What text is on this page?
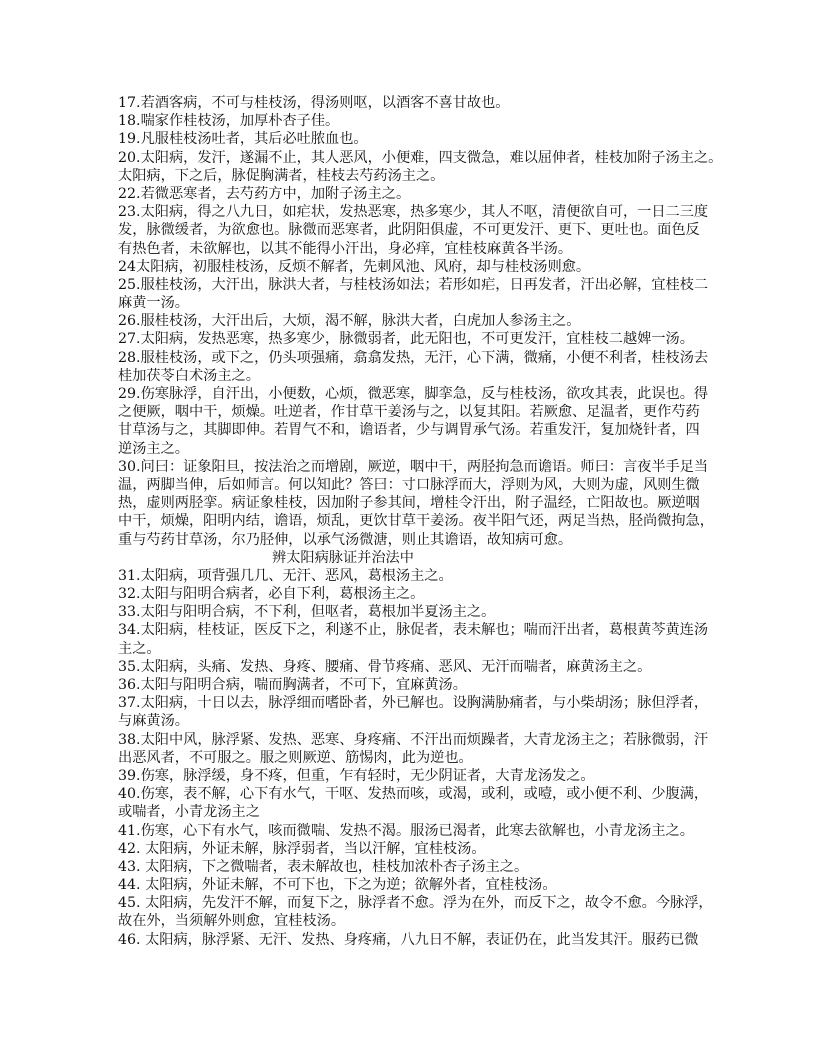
17.若酒客病，不可与桂枝汤，得汤则呕，以酒客不喜甘故也。
18.喘家作桂枝汤，加厚朴杏子佳。
19.凡服桂枝汤吐者，其后必吐脓血也。
20.太阳病，发汗，遂漏不止，其人恶风，小便难，四支微急，难以屈伸者，桂枝加附子汤主之。
太阳病，下之后，脉促胸满者，桂枝去芍药汤主之。
22.若微恶寒者，去芍药方中，加附子汤主之。
23.太阳病，得之八九日，如疟状，发热恶寒，热多寒少，其人不呕，清便欲自可，一日二三度
发，脉微缓者，为欲愈也。脉微而恶寒者，此阴阳俱虚，不可更发汗、更下、更吐也。面色反
有热色者，未欲解也，以其不能得小汗出，身必痒，宜桂枝麻黄各半汤。
24太阳病，初服桂枝汤，反烦不解者，先刺风池、风府，却与桂枝汤则愈。
25.服桂枝汤，大汗出，脉洪大者，与桂枝汤如法；若形如疟，日再发者，汗出必解，宜桂枝二
麻黄一汤。
26.服桂枝汤，大汗出后，大烦，渴不解，脉洪大者，白虎加人参汤主之。
27.太阳病，发热恶寒，热多寒少，脉微弱者，此无阳也，不可更发汗，宜桂枝二越婢一汤。
28.服桂枝汤，或下之，仍头项强痛，翕翕发热，无汗，心下满，微痛，小便不利者，桂枝汤去
桂加茯苓白术汤主之。
29.伤寒脉浮，自汗出，小便数，心烦，微恶寒，脚挛急，反与桂枝汤，欲攻其表，此误也。得
之便厥，咽中干，烦燥。吐逆者，作甘草干姜汤与之，以复其阳。若厥愈、足温者，更作芍药
甘草汤与之，其脚即伸。若胃气不和，谵语者，少与调胃承气汤。若重发汗，复加烧针者，四
逆汤主之。
30.问曰：证象阳旦，按法治之而增剧，厥逆，咽中干，两胫拘急而谵语。师曰：言夜半手足当
温，两脚当伸，后如师言。何以知此？答曰：寸口脉浮而大，浮则为风，大则为虚，风则生微
热，虚则两胫挛。病证象桂枝，因加附子参其间，增桂令汗出，附子温经，亡阳故也。厥逆咽
中干，烦燥，阳明内结，谵语，烦乱，更饮甘草干姜汤。夜半阳气还，两足当热，胫尚微拘急，
重与芍药甘草汤，尔乃胫伸，以承气汤微溏，则止其谵语，故知病可愈。
辨太阳病脉证并治法中
31.太阳病，项背强几几、无汗、恶风，葛根汤主之。
32.太阳与阳明合病者，必自下利，葛根汤主之。
33.太阳与阳明合病，不下利，但呕者，葛根加半夏汤主之。
34.太阳病，桂枝证，医反下之，利遂不止，脉促者，表未解也；喘而汗出者，葛根黄芩黄连汤
主之。
35.太阳病，头痛、发热、身疼、腰痛、骨节疼痛、恶风、无汗而喘者，麻黄汤主之。
36.太阳与阳明合病，喘而胸满者，不可下，宜麻黄汤。
37.太阳病，十日以去，脉浮细而嗜卧者，外已解也。设胸满胁痛者，与小柴胡汤；脉但浮者，
与麻黄汤。
38.太阳中风，脉浮紧、发热、恶寒、身疼痛、不汗出而烦躁者，大青龙汤主之；若脉微弱，汗
出恶风者，不可服之。服之则厥逆、筋惕肉，此为逆也。
39.伤寒，脉浮缓，身不疼，但重，乍有轻时，无少阴证者，大青龙汤发之。
40.伤寒，表不解，心下有水气，干呕、发热而咳，或渴，或利，或噎，或小便不利、少腹满，
或喘者，小青龙汤主之
41.伤寒，心下有水气，咳而微喘、发热不渴。服汤已渴者，此寒去欲解也，小青龙汤主之。
42. 太阳病，外证未解，脉浮弱者，当以汗解，宜桂枝汤。
43. 太阳病，下之微喘者，表未解故也，桂枝加浓朴杏子汤主之。
44. 太阳病，外证未解，不可下也，下之为逆；欲解外者，宜桂枝汤。
45. 太阳病，先发汗不解，而复下之，脉浮者不愈。浮为在外，而反下之，故令不愈。今脉浮，
故在外，当须解外则愈，宜桂枝汤。
46. 太阳病，脉浮紧、无汗、发热、身疼痛，八九日不解，表证仍在，此当发其汗。服药已微
